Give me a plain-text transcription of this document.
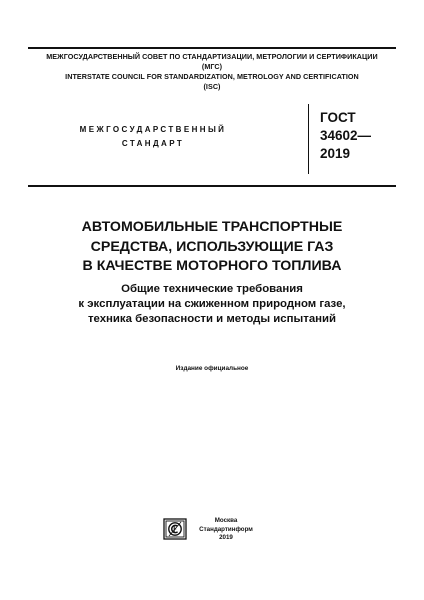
МЕЖГОСУДАРСТВЕННЫЙ СОВЕТ ПО СТАНДАРТИЗАЦИИ, МЕТРОЛОГИИ И СЕРТИФИКАЦИИ
(МГС)
INTERSTATE COUNCIL FOR STANDARDIZATION, METROLOGY AND CERTIFICATION
(ISC)
МЕЖГОСУДАРСТВЕННЫЙ
СТАНДАРТ
ГОСТ
34602—
2019
АВТОМОБИЛЬНЫЕ ТРАНСПОРТНЫЕ
СРЕДСТВА, ИСПОЛЬЗУЮЩИЕ ГАЗ
В КАЧЕСТВЕ МОТОРНОГО ТОПЛИВА
Общие технические требования
к эксплуатации на сжиженном природном газе,
техника безопасности и методы испытаний
Издание официальное
Москва
Стандартинформ
2019
